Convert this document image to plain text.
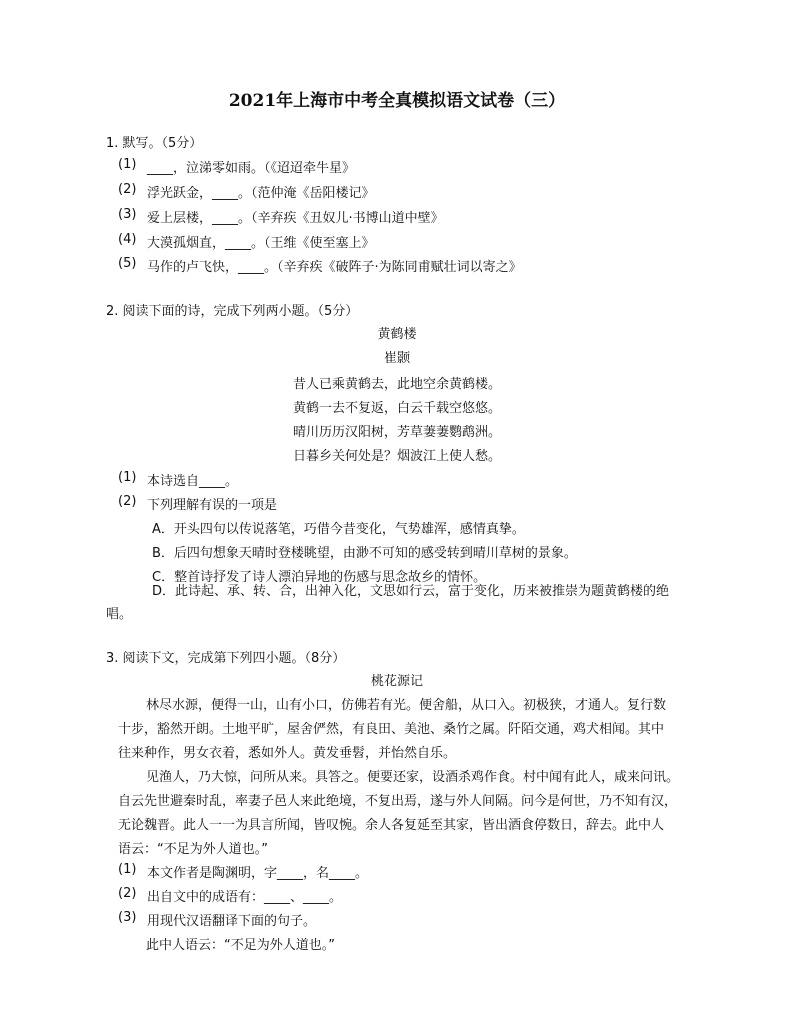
2021年上海市中考全真模拟语文试卷（三）
1. 默写。（5分）
(1) ____，泣涕零如雨。（《迢迢牵牛星》
(2) 浮光跃金，____。（范仲淹《岳阳楼记》
(3) 爱上层楼，____。（辛弃疾《丑奴儿·书博山道中壁》
(4) 大漠孤烟直，____。（王维《使至塞上》
(5) 马作的卢飞快，____。（辛弃疾《破阵子·为陈同甫赋壮词以寄之》
2. 阅读下面的诗，完成下列两小题。（5分）
黄鹤楼
崔颢
昔人已乘黄鹤去，此地空余黄鹤楼。
黄鹤一去不复返，白云千载空悠悠。
晴川历历汉阳树，芳草萋萋鹦鹉洲。
日暮乡关何处是？烟波江上使人愁。
(1) 本诗选自____。
(2) 下列理解有误的一项是
A．开头四句以传说落笔，巧借今昔变化，气势雄浑，感情真挚。
B．后四句想象天晴时登楼眺望，由渺不可知的感受转到晴川草树的景象。
C．整首诗抒发了诗人漂泊异地的伤感与思念故乡的情怀。
D．此诗起、承、转、合，出神入化，文思如行云，富于变化，历来被推崇为题黄鹤楼的绝
唱。
3. 阅读下文，完成第下列四小题。（8分）
桃花源记
林尽水源，便得一山，山有小口，仿佛若有光。便舍船，从口入。初极狭，才通人。复行数
十步，豁然开朗。土地平旷，屋舍俨然，有良田、美池、桑竹之属。阡陌交通，鸡犬相闻。其中
往来种作，男女衣着，悉如外人。黄发垂髫，并怡然自乐。
见渔人，乃大惊，问所从来。具答之。便要还家，设酒杀鸡作食。村中闻有此人，咸来问讯。
自云先世避秦时乱，率妻子邑人来此绝境，不复出焉，遂与外人间隔。问今是何世，乃不知有汉，
无论魏晋。此人一一为具言所闻，皆叹惋。余人各复延至其家，皆出酒食停数日，辞去。此中人
语云：“不足为外人道也。”
(1) 本文作者是陶渊明，字____，名____。
(2) 出自文中的成语有：____、____。
(3) 用现代汉语翻译下面的句子。
此中人语云：“不足为外人道也。”
